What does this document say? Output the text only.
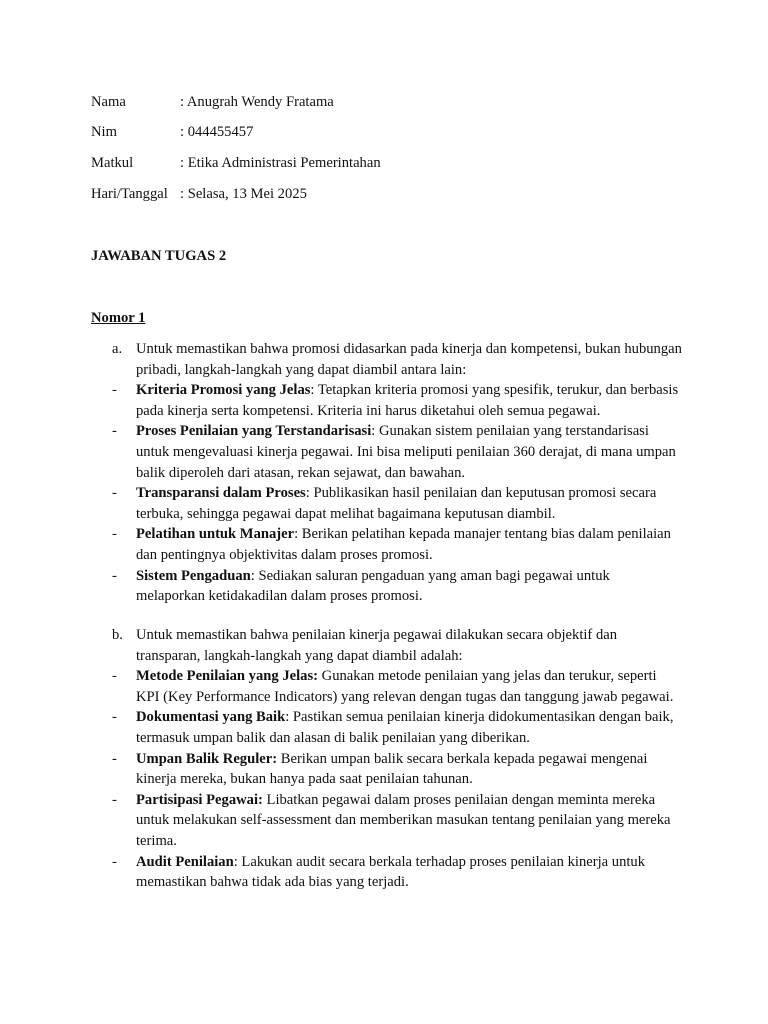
Nama	: Anugrah Wendy Fratama
Nim	: 044455457
Matkul	: Etika Administrasi Pemerintahan
Hari/Tanggal : Selasa, 13 Mei 2025
JAWABAN TUGAS 2
Nomor 1
a. Untuk memastikan bahwa promosi didasarkan pada kinerja dan kompetensi, bukan hubungan pribadi, langkah-langkah yang dapat diambil antara lain:
- Kriteria Promosi yang Jelas: Tetapkan kriteria promosi yang spesifik, terukur, dan berbasis pada kinerja serta kompetensi. Kriteria ini harus diketahui oleh semua pegawai.
- Proses Penilaian yang Terstandarisasi: Gunakan sistem penilaian yang terstandarisasi untuk mengevaluasi kinerja pegawai. Ini bisa meliputi penilaian 360 derajat, di mana umpan balik diperoleh dari atasan, rekan sejawat, dan bawahan.
- Transparansi dalam Proses: Publikasikan hasil penilaian dan keputusan promosi secara terbuka, sehingga pegawai dapat melihat bagaimana keputusan diambil.
- Pelatihan untuk Manajer: Berikan pelatihan kepada manajer tentang bias dalam penilaian dan pentingnya objektivitas dalam proses promosi.
- Sistem Pengaduan: Sediakan saluran pengaduan yang aman bagi pegawai untuk melaporkan ketidakadilan dalam proses promosi.
b. Untuk memastikan bahwa penilaian kinerja pegawai dilakukan secara objektif dan transparan, langkah-langkah yang dapat diambil adalah:
- Metode Penilaian yang Jelas: Gunakan metode penilaian yang jelas dan terukur, seperti KPI (Key Performance Indicators) yang relevan dengan tugas dan tanggung jawab pegawai.
- Dokumentasi yang Baik: Pastikan semua penilaian kinerja didokumentasikan dengan baik, termasuk umpan balik dan alasan di balik penilaian yang diberikan.
- Umpan Balik Reguler: Berikan umpan balik secara berkala kepada pegawai mengenai kinerja mereka, bukan hanya pada saat penilaian tahunan.
- Partisipasi Pegawai: Libatkan pegawai dalam proses penilaian dengan meminta mereka untuk melakukan self-assessment dan memberikan masukan tentang penilaian yang mereka terima.
- Audit Penilaian: Lakukan audit secara berkala terhadap proses penilaian kinerja untuk memastikan bahwa tidak ada bias yang terjadi.
